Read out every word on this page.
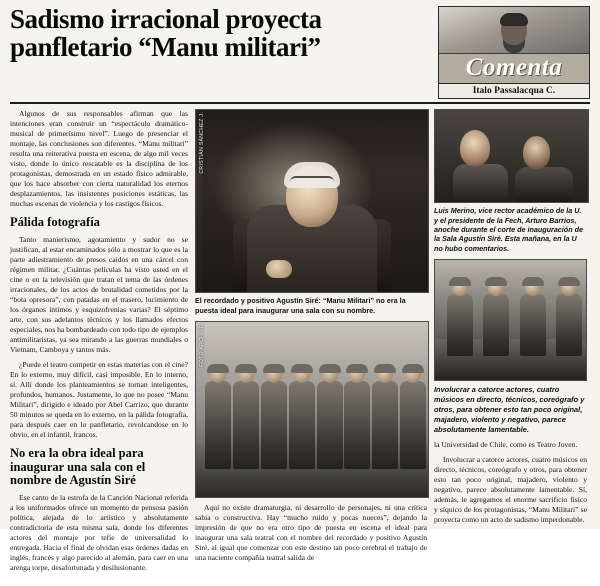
Sadismo irracional proyecta
panfletario “Manu militari”
Comenta
Italo Passalacqua C.

Algunos de sus responsables afirman que las intenciones eran construir un “espectáculo dramático-musical de primerísimo nivel”. Luego de presenciar el montaje, las conclusiones son diferentes. “Manu militari” resulta una reiterativa puesta en escena, de algo mil veces visto, donde lo único rescatable es la disciplina de los protagonistas, demostrada en un estado físico admirable, que los hace absorber con cierta naturalidad los eternos desplazamientos, las insistentes posiciones estáticas, las muchas escenas de violencia y los castigos físicos.

Pálida fotografía

Tanto manierismo, agotamiento y sudor no se justifican, al estar encaminados sólo a mostrar lo que es la parte adiestramiento de presos caidos en una cárcel con régimen militar. ¿Cuántas películas ha visto usted en el cine o en la televisión que tratan el tema de las órdenes irracionales, de los actos de brutalidad cometidos por la “bota opresora”, con patadas en el trasero, lucimiento de los órganos íntimos y esquizofrenias varias? El séptimo arte, con sus adelantos técnicos y los llamados efectos especiales, nos ha bombardeado con todo tipo de ejemplos antimilitaristas, ya sea mirando a las guerras mundiales o Vietnam, Camboya y tantos más.

¿Puede el teatro competir en estas materias con el cine? En lo externo, muy difícil, casi imposible. En lo interno, sí. Allí donde los planteamientos se tornan inteligentes, profundos, humanos. Justamente, lo que no posee “Manu Militari”, dirigido e ideado por Abel Carrizo, que durante 50 minutos se queda en lo externo, en la pálida fotografía, para después caer en lo panfletario, revolcandose en lo obvio, en el infantil, francos.

No era la obra ideal para inaugurar una sala con el nombre de Agustín Siré

Ese canto de la estrofa de la Canción Nacional referida a los uniformados ofrece un momento de pensosa pasión política, alejada de lo artístico y absolutamente contradictoria de esta misma sala, donde los diferentes actores del montaje por tefie de universalidad lo entregada. Hacia el final de olvidan esas órdenes dadas en inglés, francés y algo parecido al alemán, para caer en una arenga torpe, desafortunada y desilusionante.

CRISTIÁN SÁNCHEZ J.
El recordado y positivo Agustín Siré: “Manu Militari” no era la puesta ideal para inaugurar una sala con su nombre.
FOTO ARCHIVO

Aquí no existe dramaturgia, ni desarrollo de personajes, ni una crítica sabia o constructiva. Hay “mucho ruido y pocas nueces”, dejando la impresión de que no era otro tipo de puesta en escena el ideal para inaugurar una sala teatral con el nombre del recordado y positivo Agustín Siré, al igual que comenzar con este destino tan poco cerebral el trabajo de una naciente compañía teatral salida de

Luis Merino, vice rector académico de la U. y el presidente de la Fech, Arturo Barrios, anoche durante el corte de inauguración de la Sala Agustín Siré. Esta mañana, en la U no hubo comentarios.
Involucrar a catorce actores, cuatro músicos en directo, técnicos, coreógrafo y otros, para obtener esto tan poco original, majadero, violento y negativo, parece absolutamente lamentable.

la Universidad de Chile, como es Teatro Joven.

Involucrar a catorce actores, cuatro músicos en directo, técnicos, coreógrafo y otros, para obtener esto tan poco original, majadero, violento y negativo, parece absolutamente lamentable. Sí, además, le agregamos el enorme sacrificio físico y síquico de los protagonistas, “Manu Militari” se proyecta como un acto de sadismo imperdonable.
